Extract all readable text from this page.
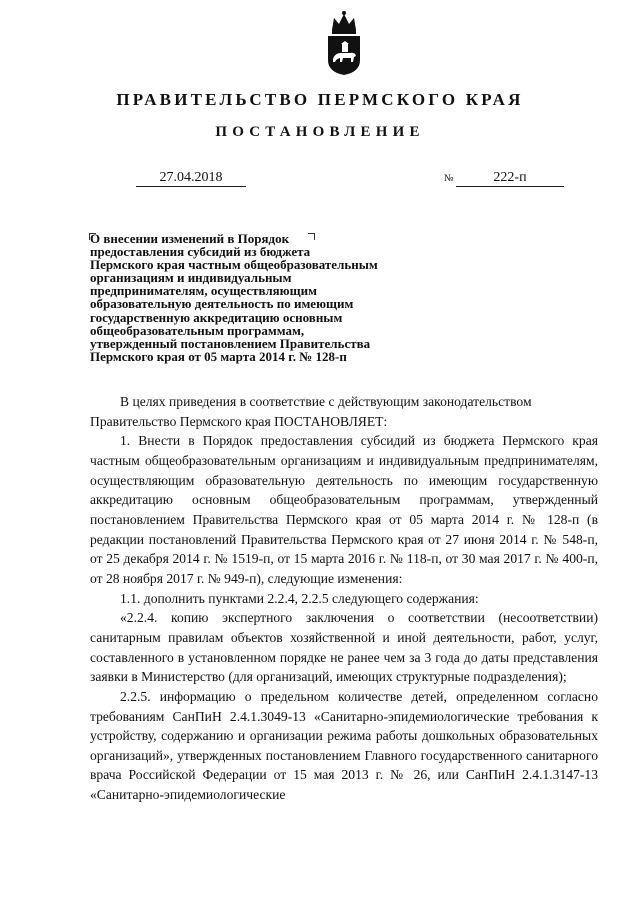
ПРАВИТЕЛЬСТВО ПЕРМСКОГО КРАЯ
ПОСТАНОВЛЕНИЕ
27.04.2018	№	222-п
О внесении изменений в Порядок
предоставления субсидий из бюджета
Пермского края частным общеобразовательным
организациям и индивидуальным
предпринимателям, осуществляющим
образовательную деятельность по имеющим
государственную аккредитацию основным
общеобразовательным программам,
утвержденный постановлением Правительства
Пермского края от 05 марта 2014 г. № 128-п

В целях приведения в соответствие с действующим законодательством

Правительство Пермского края ПОСТАНОВЛЯЕТ:

1. Внести в Порядок предоставления субсидий из бюджета Пермского края частным общеобразовательным организациям и индивидуальным предпринимателям, осуществляющим образовательную деятельность по имеющим государственную аккредитацию основным общеобразовательным программам, утвержденный постановлением Правительства Пермского края от 05 марта 2014 г. № 128-п (в редакции постановлений Правительства Пермского края от 27 июня 2014 г. № 548-п, от 25 декабря 2014 г. № 1519-п, от 15 марта 2016 г. № 118-п, от 30 мая 2017 г. № 400-п, от 28 ноября 2017 г. № 949-п), следующие изменения:

1.1. дополнить пунктами 2.2.4, 2.2.5 следующего содержания:

«2.2.4. копию экспертного заключения о соответствии (несоответствии) санитарным правилам объектов хозяйственной и иной деятельности, работ, услуг, составленного в установленном порядке не ранее чем за 3 года до даты представления заявки в Министерство (для организаций, имеющих структурные подразделения);

2.2.5. информацию о предельном количестве детей, определенном согласно требованиям СанПиН 2.4.1.3049-13 «Санитарно-эпидемиологические требования к устройству, содержанию и организации режима работы дошкольных образовательных организаций», утвержденных постановлением Главного государственного санитарного врача Российской Федерации от 15 мая 2013 г. № 26, или СанПиН 2.4.1.3147-13 «Санитарно-эпидемиологические
